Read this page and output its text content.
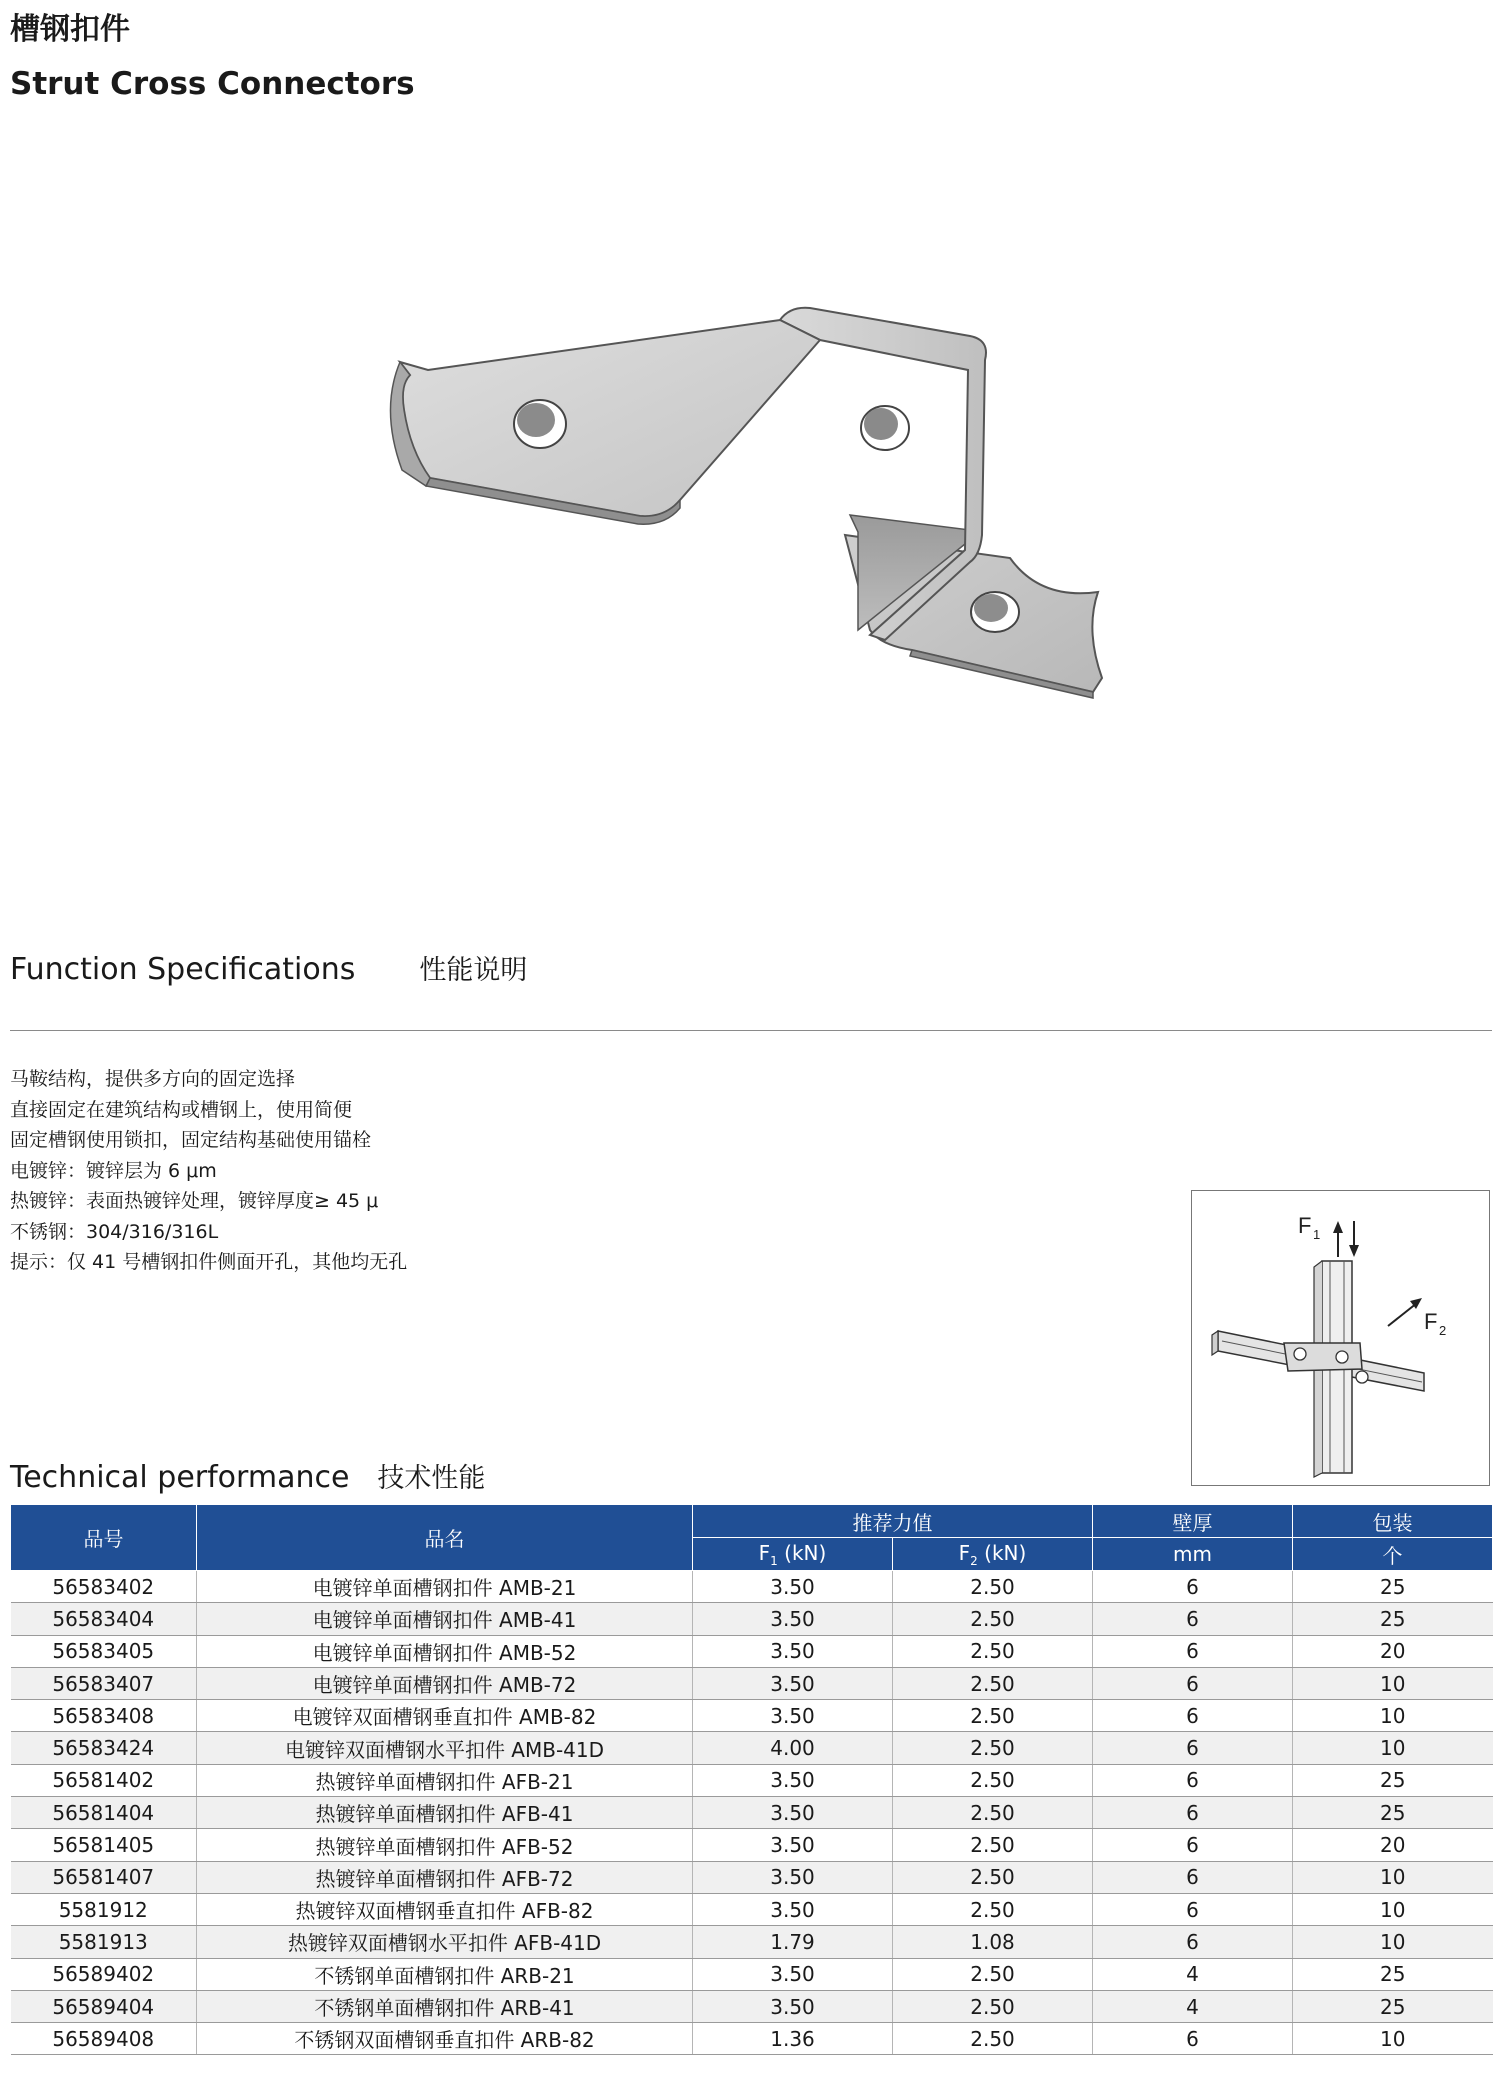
槽钢扣件
Strut Cross Connectors
Function Specifications 性能说明
马鞍结构，提供多方向的固定选择
直接固定在建筑结构或槽钢上，使用简便
固定槽钢使用锁扣，固定结构基础使用锚栓
电镀锌：镀锌层为 6 μm
热镀锌：表面热镀锌处理，镀锌厚度≥ 45 μ
不锈钢：304/316/316L
提示：仅 41 号槽钢扣件侧面开孔，其他均无孔
F 1
F 2
Technical performance 技术性能
品号	品名	推荐力值		壁厚	包装
		$F_1$ (kN)	$F_2$ (kN)	mm	个
56583402	电镀锌单面槽钢扣件 AMB-21	3.50	2.50	6	25
56583404	电镀锌单面槽钢扣件 AMB-41	3.50	2.50	6	25
56583405	电镀锌单面槽钢扣件 AMB-52	3.50	2.50	6	20
56583407	电镀锌单面槽钢扣件 AMB-72	3.50	2.50	6	10
56583408	电镀锌双面槽钢垂直扣件 AMB-82	3.50	2.50	6	10
56583424	电镀锌双面槽钢水平扣件 AMB-41D	4.00	2.50	6	10
56581402	热镀锌单面槽钢扣件 AFB-21	3.50	2.50	6	25
56581404	热镀锌单面槽钢扣件 AFB-41	3.50	2.50	6	25
56581405	热镀锌单面槽钢扣件 AFB-52	3.50	2.50	6	20
56581407	热镀锌单面槽钢扣件 AFB-72	3.50	2.50	6	10
5581912	热镀锌双面槽钢垂直扣件 AFB-82	3.50	2.50	6	10
5581913	热镀锌双面槽钢水平扣件 AFB-41D	1.79	1.08	6	10
56589402	不锈钢单面槽钢扣件 ARB-21	3.50	2.50	4	25
56589404	不锈钢单面槽钢扣件 ARB-41	3.50	2.50	4	25
56589408	不锈钢双面槽钢垂直扣件 ARB-82	1.36	2.50	6	10
